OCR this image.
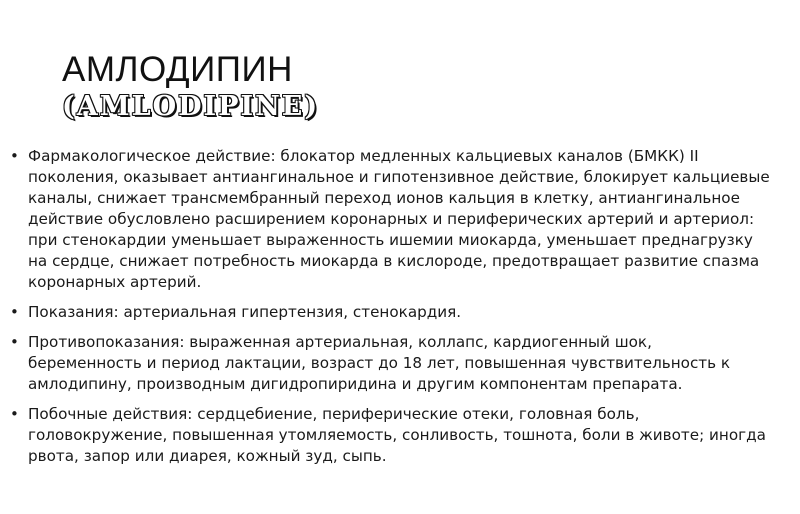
АМЛОДИПИН
(AMLODIPINE)
• Фармакологическое действие: блокатор медленных кальциевых каналов (БМКК) II поколения, оказывает антиангинальное и гипотензивное действие, блокирует кальциевые каналы, снижает трансмембранный переход ионов кальция в клетку, антиангинальное действие обусловлено расширением коронарных и периферических артерий и артериол: при стенокардии уменьшает выраженность ишемии миокарда, уменьшает преднагрузку на сердце, снижает потребность миокарда в кислороде, предотвращает развитие спазма коронарных артерий.
• Показания: артериальная гипертензия, стенокардия.
• Противопоказания: выраженная артериальная, коллапс, кардиогенный шок, беременность и период лактации, возраст до 18 лет, повышенная чувствительность к амлодипину, производным дигидропиридина и другим компонентам препарата.
• Побочные действия: сердцебиение, периферические отеки, головная боль, головокружение, повышенная утомляемость, сонливость, тошнота, боли в животе; иногда рвота, запор или диарея, кожный зуд, сыпь.
